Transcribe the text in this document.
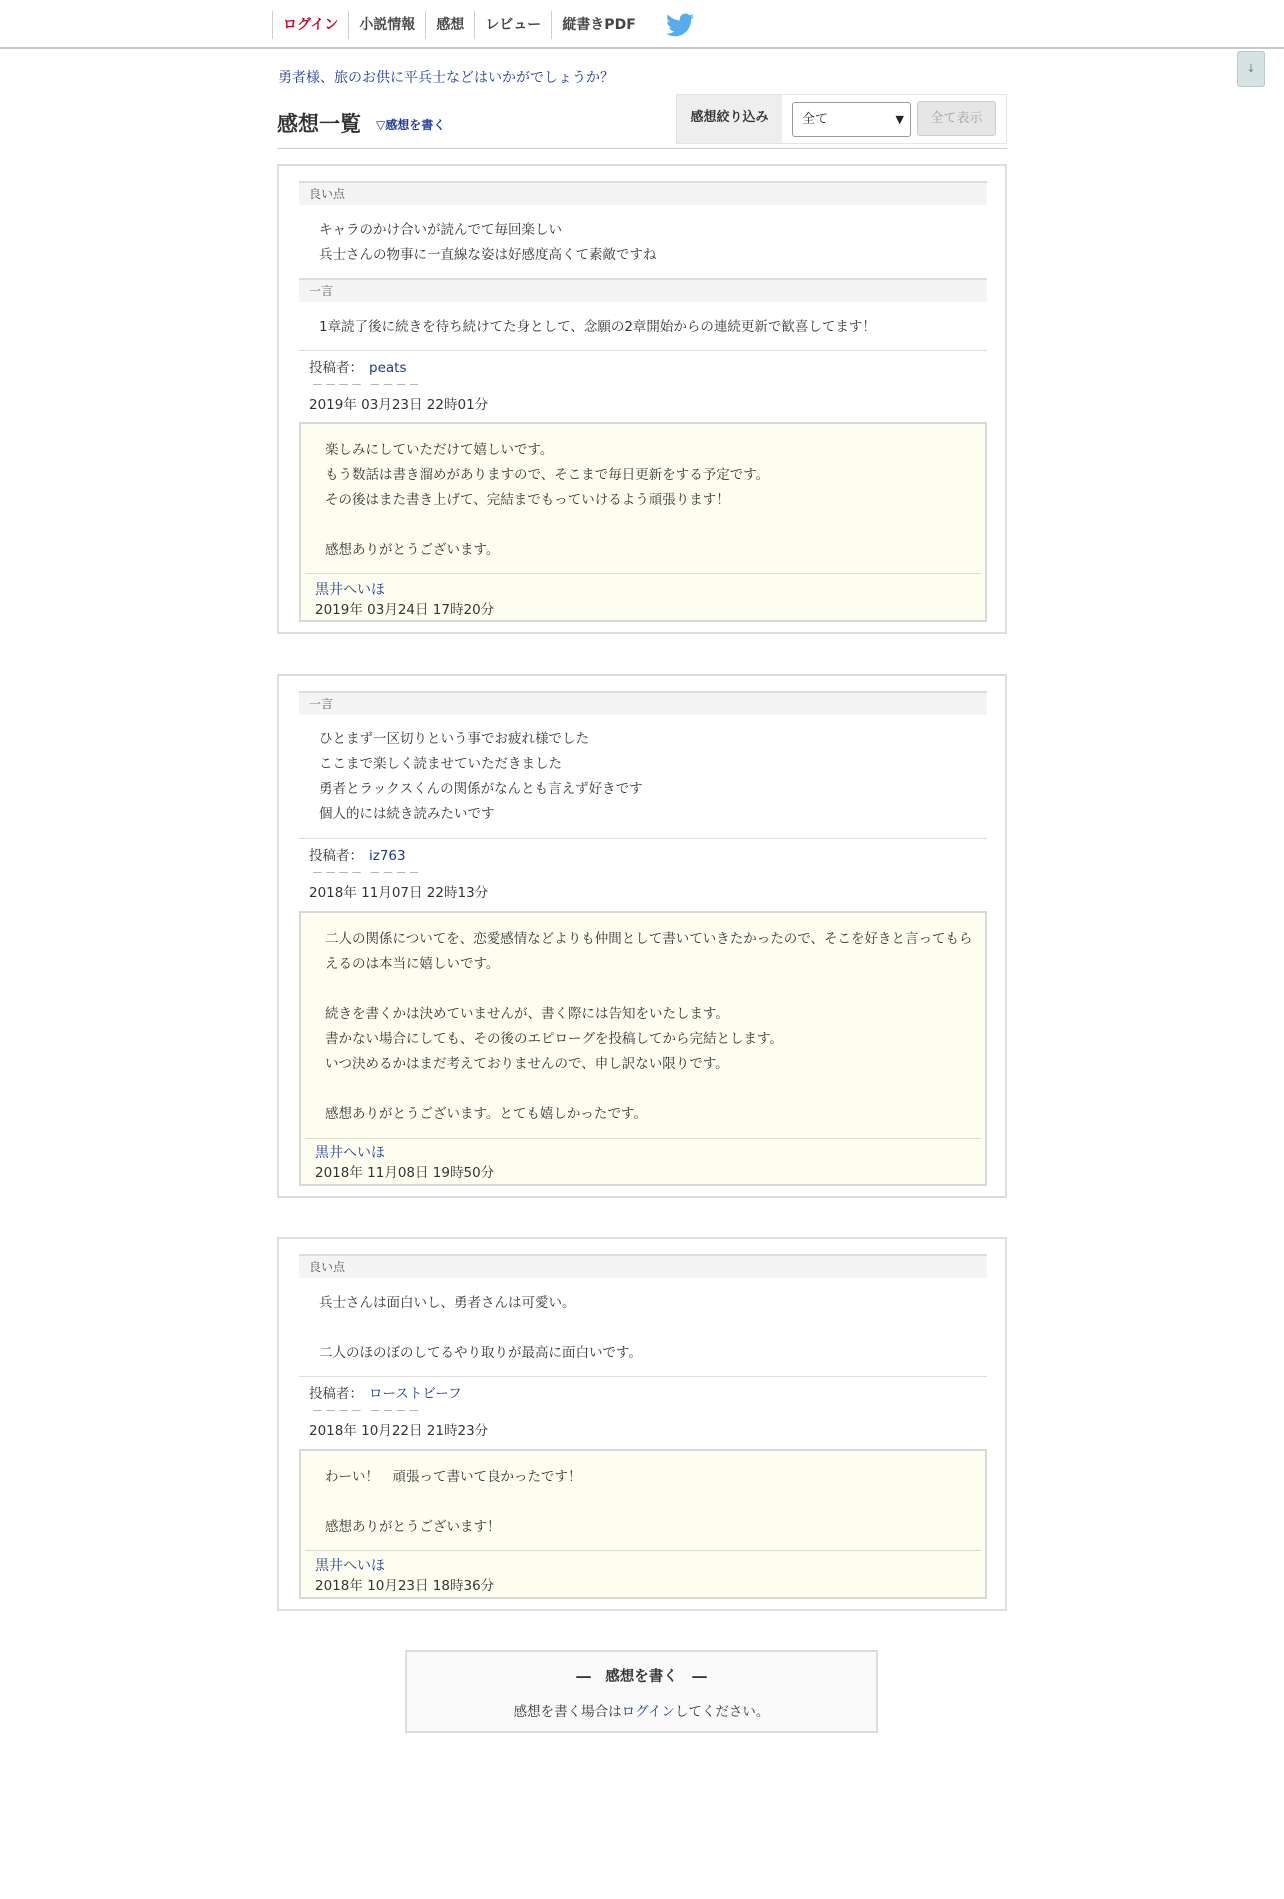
ログイン	小説情報	感想	レビュー	縦書きPDF
↓
勇者様、旅のお供に平兵士などはいかがでしょうか？
感想一覧 ▽感想を書く	感想絞り込み	全て	▼	全て表示
良い点
キャラのかけ合いが読んでて毎回楽しい
兵士さんの物事に一直線な姿は好感度高くて素敵ですね
一言
1章読了後に続きを待ち続けてた身として、念願の2章開始からの連続更新で歓喜してます！
投稿者： peats
－－－－ －－－－
2019年 03月23日 22時01分
楽しみにしていただけて嬉しいです。
もう数話は書き溜めがありますので、そこまで毎日更新をする予定です。
その後はまた書き上げて、完結までもっていけるよう頑張ります！

感想ありがとうございます。
黒井へいほ
2019年 03月24日 17時20分
一言
ひとまず一区切りという事でお疲れ様でした
ここまで楽しく読ませていただきました
勇者とラックスくんの関係がなんとも言えず好きです
個人的には続き読みたいです
投稿者： iz763
－－－－ －－－－
2018年 11月07日 22時13分
二人の関係についてを、恋愛感情などよりも仲間として書いていきたかったので、そこを好きと言ってもらえるのは本当に嬉しいです。

続きを書くかは決めていませんが、書く際には告知をいたします。
書かない場合にしても、その後のエピローグを投稿してから完結とします。
いつ決めるかはまだ考えておりませんので、申し訳ない限りです。

感想ありがとうございます。とても嬉しかったです。
黒井へいほ
2018年 11月08日 19時50分
良い点
兵士さんは面白いし、勇者さんは可愛い。

二人のほのぼのしてるやり取りが最高に面白いです。
投稿者： ローストビーフ
－－－－ －－－－
2018年 10月22日 21時23分
わーい！　頑張って書いて良かったです！

感想ありがとうございます！
黒井へいほ
2018年 10月23日 18時36分
―　感想を書く　―
感想を書く場合はログインしてください。
